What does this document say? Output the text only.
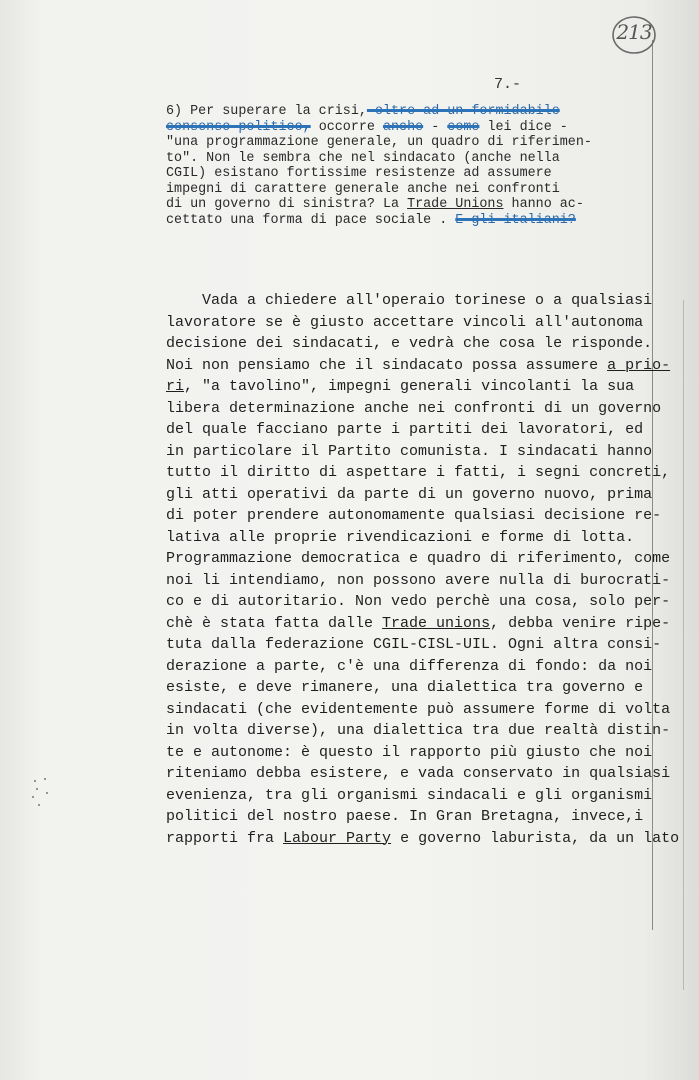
213
7.-
6) Per superare la crisi, oltre ad un formidabile
consenso politico, occorre anche - come lei dice -
"una programmazione generale, un quadro di riferimen-
to". Non le sembra che nel sindacato (anche nella
CGIL) esistano fortissime resistenze ad assumere
impegni di carattere generale anche nei confronti
di un governo di sinistra? La Trade Unions hanno ac-
cettato una forma di pace sociale . E gli italiani?
Vada a chiedere all'operaio torinese o a qualsiasi
lavoratore se è giusto accettare vincoli all'autonoma
decisione dei sindacati, e vedrà che cosa le risponde.
Noi non pensiamo che il sindacato possa assumere a prio-
ri, "a tavolino", impegni generali vincolanti la sua
libera determinazione anche nei confronti di un governo
del quale facciano parte i partiti dei lavoratori, ed
in particolare il Partito comunista. I sindacati hanno
tutto il diritto di aspettare i fatti, i segni concreti,
gli atti operativi da parte di un governo nuovo, prima
di poter prendere autonomamente qualsiasi decisione re-
lativa alle proprie rivendicazioni e forme di lotta.
Programmazione democratica e quadro di riferimento, come
noi li intendiamo, non possono avere nulla di burocrati-
co e di autoritario. Non vedo perchè una cosa, solo per-
chè è stata fatta dalle Trade unions, debba venire ripe-
tuta dalla federazione CGIL-CISL-UIL. Ogni altra consi-
derazione a parte, c'è una differenza di fondo: da noi
esiste, e deve rimanere, una dialettica tra governo e
sindacati (che evidentemente può assumere forme di volta
in volta diverse), una dialettica tra due realtà distin-
te e autonome: è questo il rapporto più giusto che noi
riteniamo debba esistere, e vada conservato in qualsiasi
evenienza, tra gli organismi sindacali e gli organismi
politici del nostro paese. In Gran Bretagna, invece,i
rapporti fra Labour Party e governo laburista, da un lato
